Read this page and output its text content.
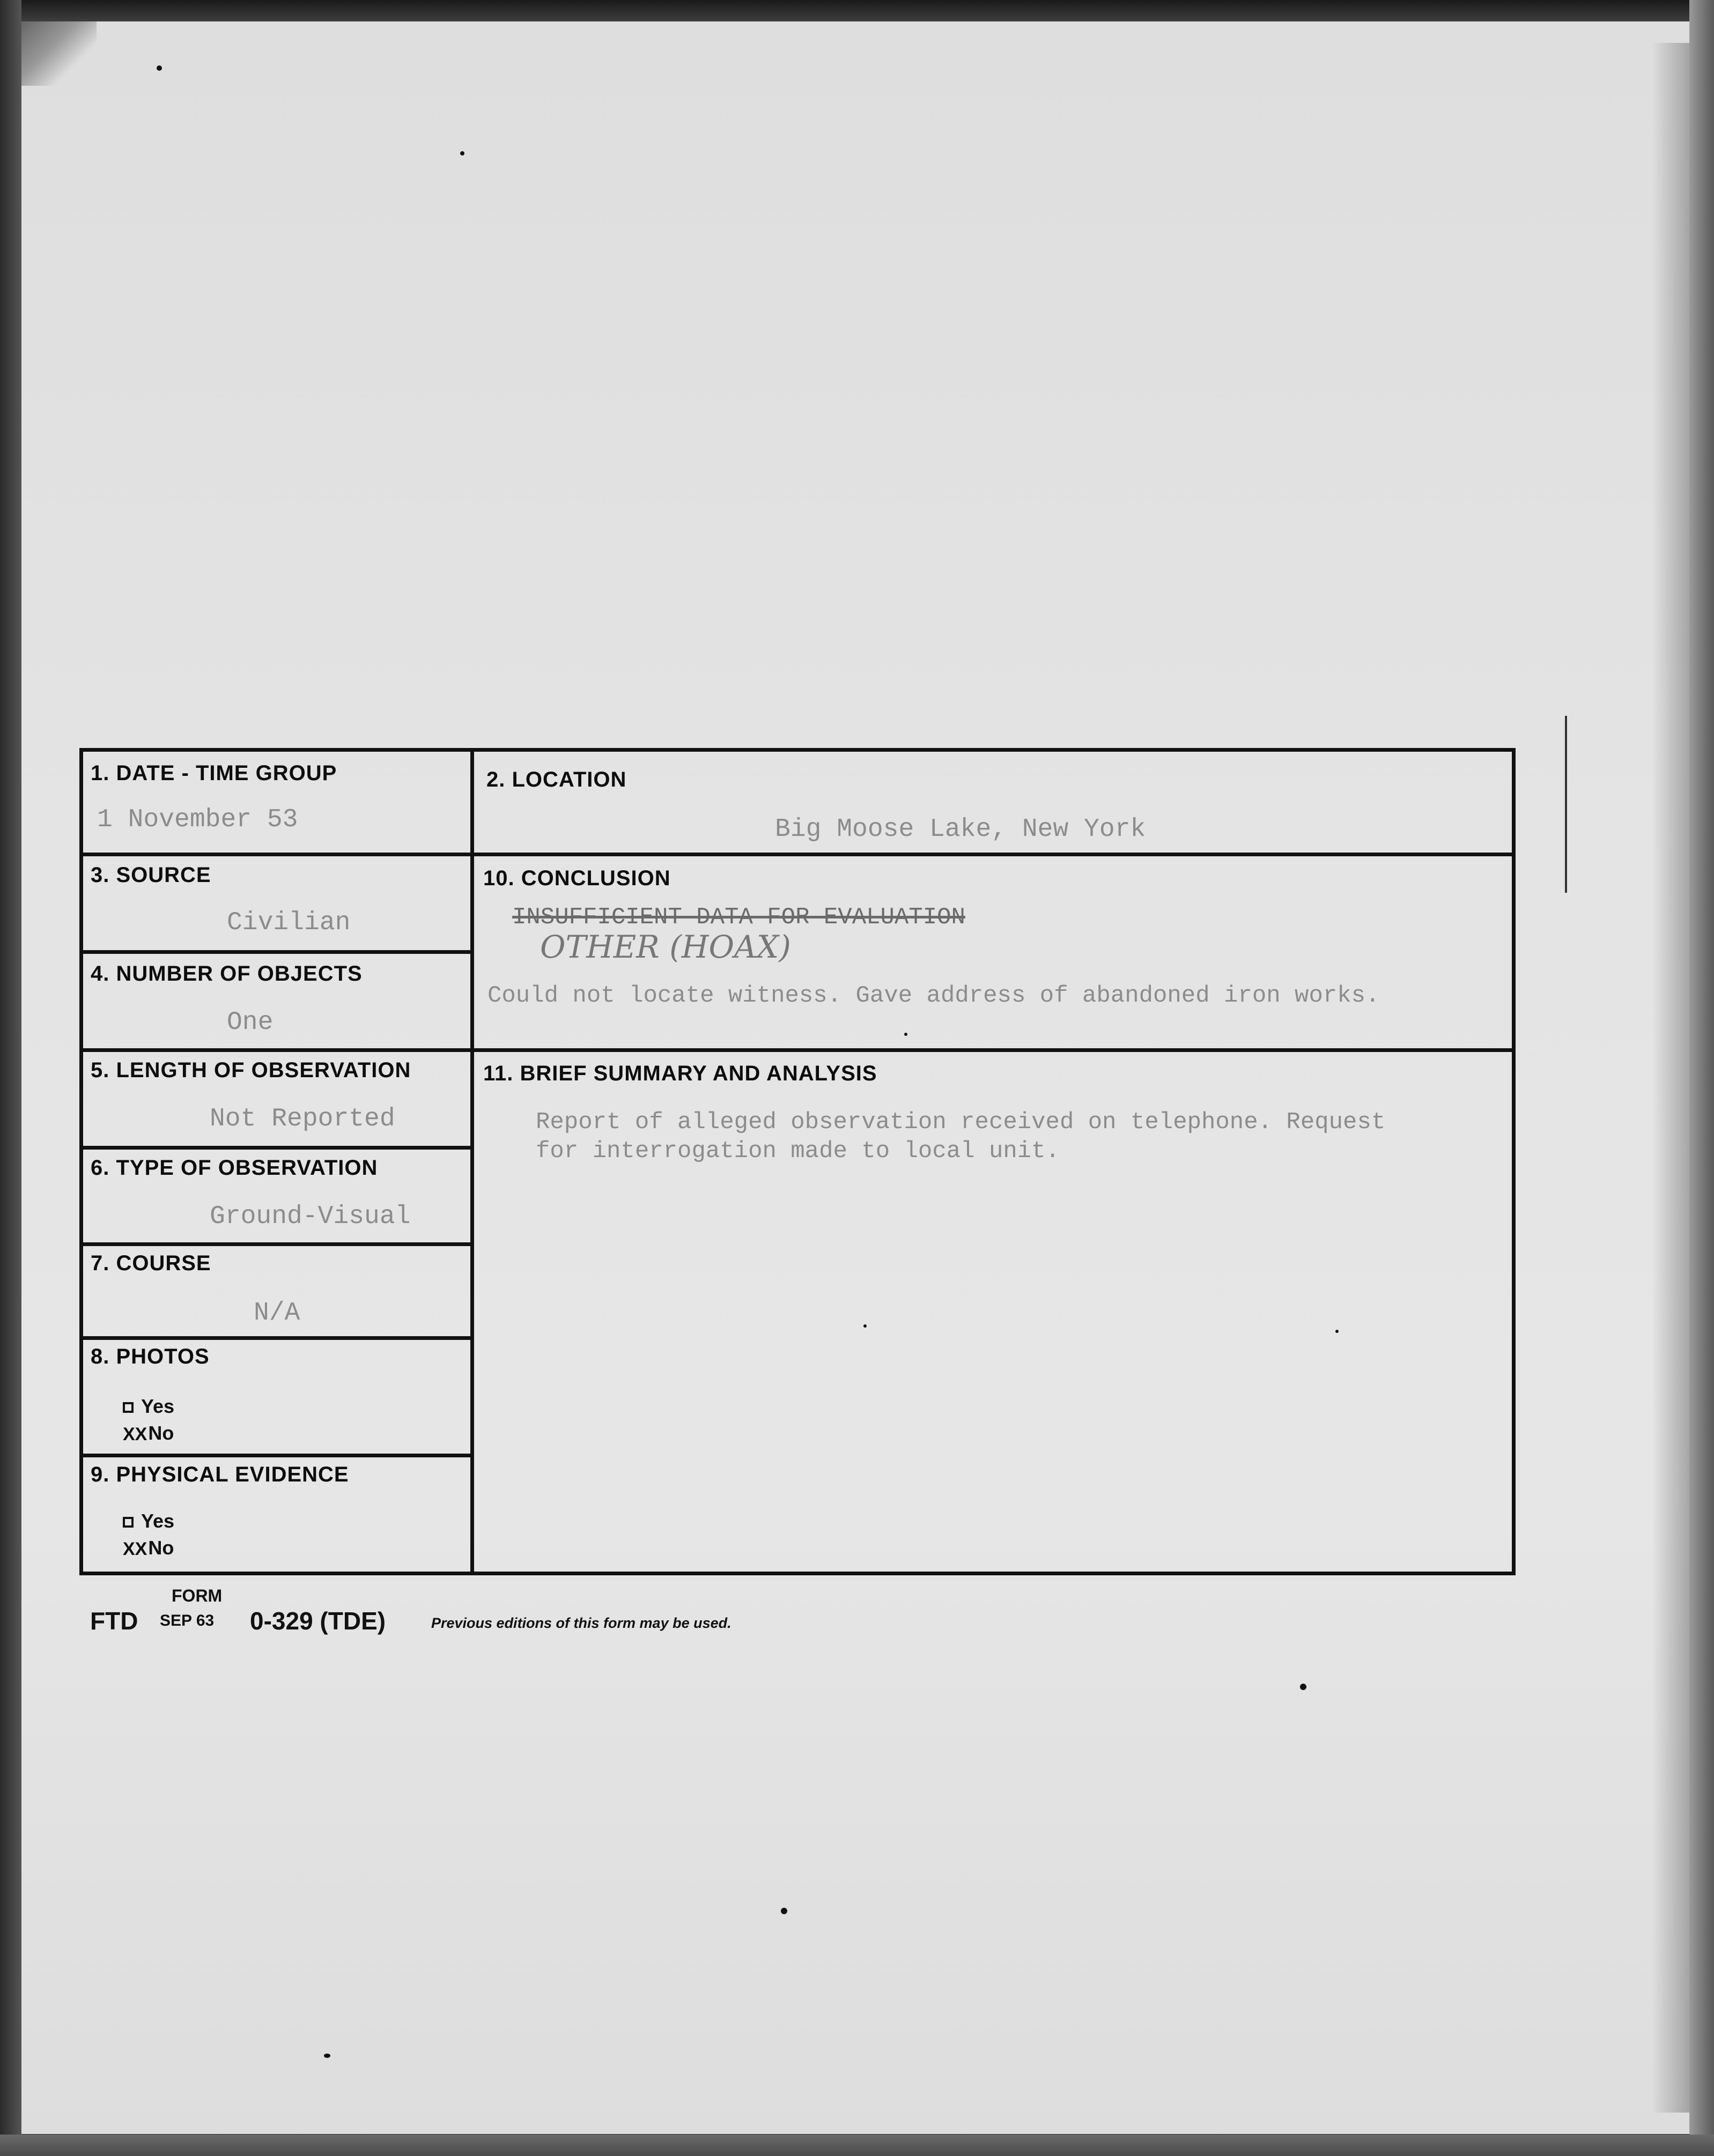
1. DATE - TIME GROUP
1 November 53
2. LOCATION
Big Moose Lake, New York
3. SOURCE
Civilian
4. NUMBER OF OBJECTS
One
5. LENGTH OF OBSERVATION
Not Reported
6. TYPE OF OBSERVATION
Ground-Visual
7. COURSE
N/A
8. PHOTOS
Yes
XXNo
9. PHYSICAL EVIDENCE
Yes
XXNo
10. CONCLUSION
INSUFFICIENT DATA FOR EVALUATION
OTHER (HOAX)
Could not locate witness. Gave address of abandoned iron works.
11. BRIEF SUMMARY AND ANALYSIS
Report of alleged observation received on telephone. Request
for interrogation made to local unit.
FORM
FTD SEP 63 0-329 (TDE)	Previous editions of this form may be used.
